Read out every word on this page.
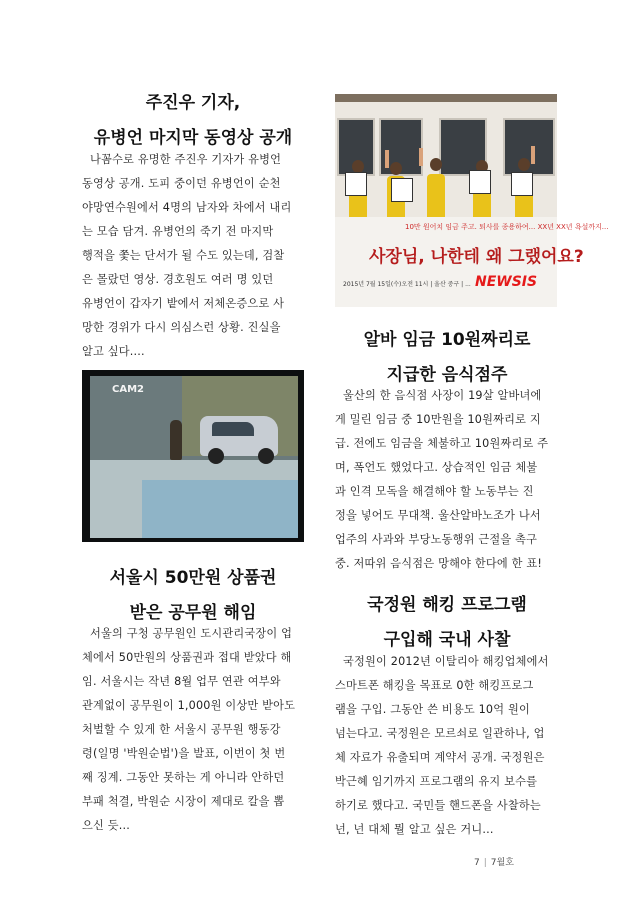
주진우 기자,
유병언 마지막 동영상 공개
나꼼수로 유명한 주진우 기자가 유병언
동영상 공개. 도피 중이던 유병언이 순천
야망연수원에서 4명의 남자와 차에서 내리
는 모습 담겨. 유병언의 죽기 전 마지막
행적을 쫓는 단서가 될 수도 있는데, 검찰
은 몰랐던 영상. 경호원도 여러 명 있던
유병언이 갑자기 밭에서 저체온증으로 사
망한 경위가 다시 의심스런 상황. 진실을
알고 싶다....
10만 원어치 임금 주고. 퇴사를 종용하여... XX년 XX년 욕설까지...
사장님, 나한테 왜 그랬어요?
2015년 7월 15일(수)오전 11시 | 울산 중구 | ... NEWSIS
알바 임금 10원짜리로
지급한 음식점주
울산의 한 음식점 사장이 19살 알바녀에
게 밀린 임금 중 10만원을 10원짜리로 지
급. 전에도 임금을 체불하고 10원짜리로 주
며, 폭언도 했었다고. 상습적인 임금 체불
과 인격 모독을 해결해야 할 노동부는 진
정을 넣어도 무대책. 울산알바노조가 나서
업주의 사과와 부당노동행위 근절을 촉구
중. 저따위 음식점은 망해야 한다에 한 표!
CAM2
서울시 50만원 상품권
받은 공무원 해임
서울의 구청 공무원인 도시관리국장이 업
체에서 50만원의 상품권과 접대 받았다 해
임. 서울시는 작년 8월 업무 연관 여부와
관계없이 공무원이 1,000원 이상만 받아도
처벌할 수 있게 한 서울시 공무원 행동강
령(일명 '박원순법')을 발표, 이번이 첫 번
째 징계. 그동안 못하는 게 아니라 안하던
부패 척결, 박원순 시장이 제대로 칼을 뽑
으신 듯...
국정원 해킹 프로그램
구입해 국내 사찰
국정원이 2012년 이탈리아 해킹업체에서
스마트폰 해킹을 목표로 0한 해킹프로그
램을 구입. 그동안 쓴 비용도 10억 원이
넘는다고. 국정원은 모르쇠로 일관하나, 업
체 자료가 유출되며 계약서 공개. 국정원은
박근혜 임기까지 프로그램의 유지 보수를
하기로 했다고. 국민들 핸드폰을 사찰하는
넌, 넌 대체 뭘 알고 싶은 거니...
7 | 7월호
